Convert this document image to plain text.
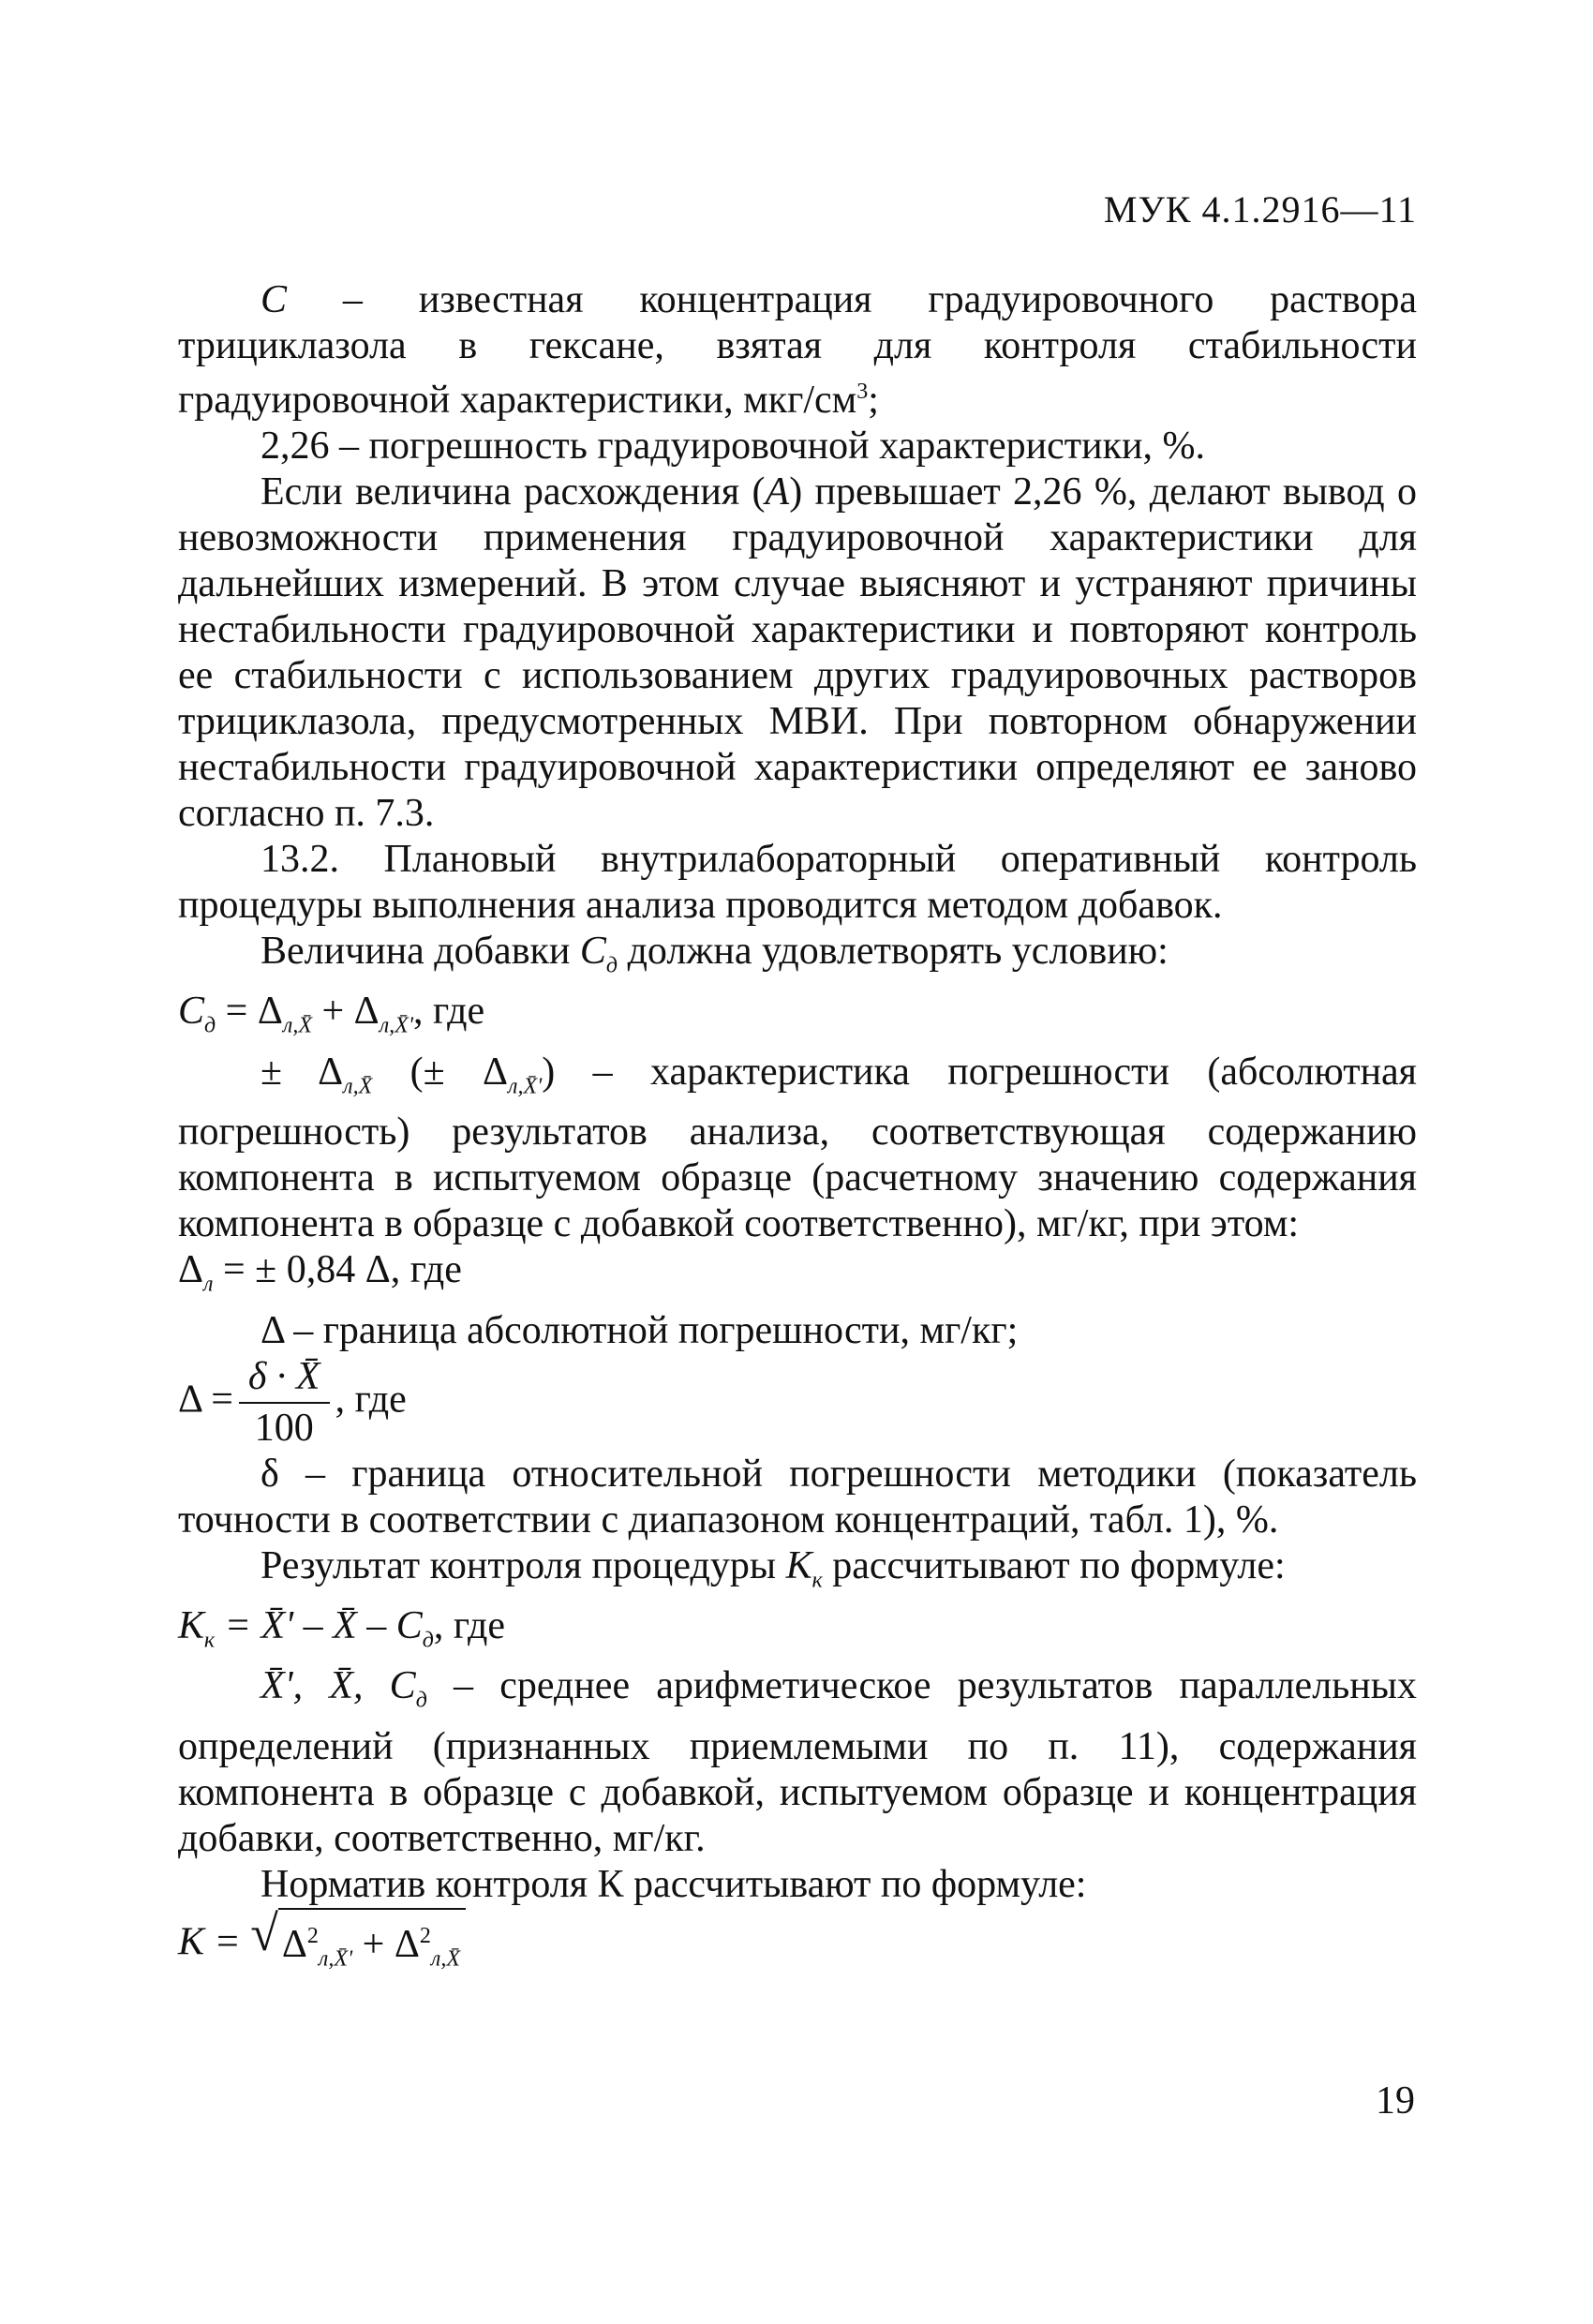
МУК 4.1.2916—11

С – известная концентрация градуировочного раствора трициклазола в гексане, взятая для контроля стабильности градуировочной характеристики, мкг/$см^3$;

2,26 – погрешность градуировочной характеристики, %.

Если величина расхождения (А) превышает 2,26 %, делают вывод о невозможности применения градуировочной характеристики для дальнейших измерений. В этом случае выясняют и устраняют причины нестабильности градуировочной характеристики и повторяют контроль ее стабильности с использованием других градуировочных растворов трициклазола, предусмотренных МВИ. При повторном обнаружении нестабильности градуировочной характеристики определяют ее заново согласно п. 7.3.

13.2. Плановый внутрилабораторный оперативный контроль процедуры выполнения анализа проводится методом добавок.

Величина добавки $С_д$ должна удовлетворять условию:

$С_д = \Delta_{л,X̄} + \Delta_{л,X̄'}$, где

± $\Delta_{л,X̄}$ (± $\Delta_{л,X̄'}$) – характеристика погрешности (абсолютная погрешность) результатов анализа, соответствующая содержанию компонента в испытуемом образце (расчетному значению содержания компонента в образце с добавкой соответственно), мг/кг, при этом:

$\Delta_л$ = ± 0,84 Δ, где

Δ – граница абсолютной погрешности, мг/кг;

$\Delta = \frac{\delta \cdot X̄}{100}$ , где

δ – граница относительной погрешности методики (показатель точности в соответствии с диапазоном концентраций, табл. 1), %.

Результат контроля процедуры $К_к$ рассчитывают по формуле:

$К_к$ = X̄' – X̄ – $С_д$, где

X̄', X̄, $С_д$ – среднее арифметическое результатов параллельных определений (признанных приемлемыми по п. 11), содержания компонента в образце с добавкой, испытуемом образце и концентрация добавки, соответственно, мг/кг.

Норматив контроля К рассчитывают по формуле:

К = √ $\Delta^2_{л,X̄'} + \Delta^2_{л,X̄}$

19
